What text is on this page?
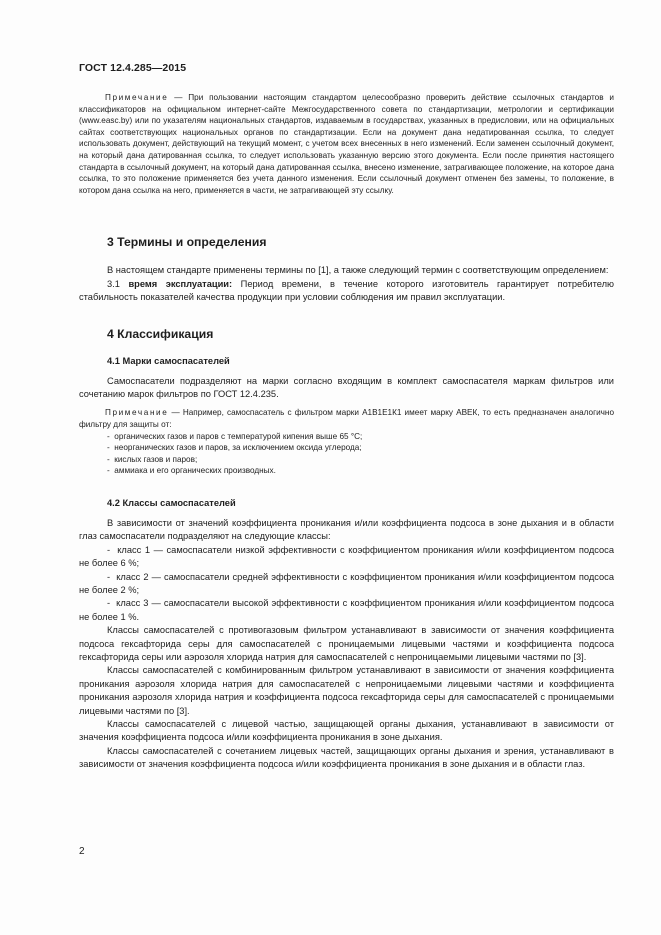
ГОСТ 12.4.285—2015
Примечание — При пользовании настоящим стандартом целесообразно проверить действие ссылочных стандартов и классификаторов на официальном интернет-сайте Межгосударственного совета по стандартизации, метрологии и сертификации (www.easc.by) или по указателям национальных стандартов, издаваемым в государствах, указанных в предисловии, или на официальных сайтах соответствующих национальных органов по стандартизации. Если на документ дана недатированная ссылка, то следует использовать документ, действующий на текущий момент, с учетом всех внесенных в него изменений. Если заменен ссылочный документ, на который дана датированная ссылка, то следует использовать указанную версию этого документа. Если после принятия настоящего стандарта в ссылочный документ, на который дана датированная ссылка, внесено изменение, затрагивающее положение, на которое дана ссылка, то это положение применяется без учета данного изменения. Если ссылочный документ отменен без замены, то положение, в котором дана ссылка на него, применяется в части, не затрагивающей эту ссылку.
3 Термины и определения

В настоящем стандарте применены термины по [1], а также следующий термин с соответствующим определением:

3.1 время эксплуатации: Период времени, в течение которого изготовитель гарантирует потребителю стабильность показателей качества продукции при условии соблюдения им правил эксплуатации.

4 Классификация
4.1 Марки самоспасателей

Самоспасатели подразделяют на марки согласно входящим в комплект самоспасателя маркам фильтров или сочетанию марок фильтров по ГОСТ 12.4.235.

Примечание — Например, самоспасатель с фильтром марки А1В1Е1К1 имеет марку АВЕК, то есть предназначен аналогично фильтру для защиты от:
-  органических газов и паров с температурой кипения выше 65 °С;
-  неорганических газов и паров, за исключением оксида углерода;
-  кислых газов и паров;
-  аммиака и его органических производных.
4.2 Классы самоспасателей

В зависимости от значений коэффициента проникания и/или коэффициента подсоса в зоне дыхания и в области глаз самоспасатели подразделяют на следующие классы:

-  класс 1 — самоспасатели низкой эффективности с коэффициентом проникания и/или коэффициентом подсоса не более 6 %;

-  класс 2 — самоспасатели средней эффективности с коэффициентом проникания и/или коэффициентом подсоса не более 2 %;

-  класс 3 — самоспасатели высокой эффективности с коэффициентом проникания и/или коэффициентом подсоса не более 1 %.

Классы самоспасателей с противогазовым фильтром устанавливают в зависимости от значения коэффициента подсоса гексафторида серы для самоспасателей с проницаемыми лицевыми частями и коэффициента подсоса гексафторида серы или аэрозоля хлорида натрия для самоспасателей с непроницаемыми лицевыми частями по [3].

Классы самоспасателей с комбинированным фильтром устанавливают в зависимости от значения коэффициента проникания аэрозоля хлорида натрия для самоспасателей с непроницаемыми лицевыми частями и коэффициента проникания аэрозоля хлорида натрия и коэффициента подсоса гексафторида серы для самоспасателей с проницаемыми лицевыми частями по [3].

Классы самоспасателей с лицевой частью, защищающей органы дыхания, устанавливают в зависимости от значения коэффициента подсоса и/или коэффициента проникания в зоне дыхания.

Классы самоспасателей с сочетанием лицевых частей, защищающих органы дыхания и зрения, устанавливают в зависимости от значения коэффициента подсоса и/или коэффициента проникания в зоне дыхания и в области глаз.

2
